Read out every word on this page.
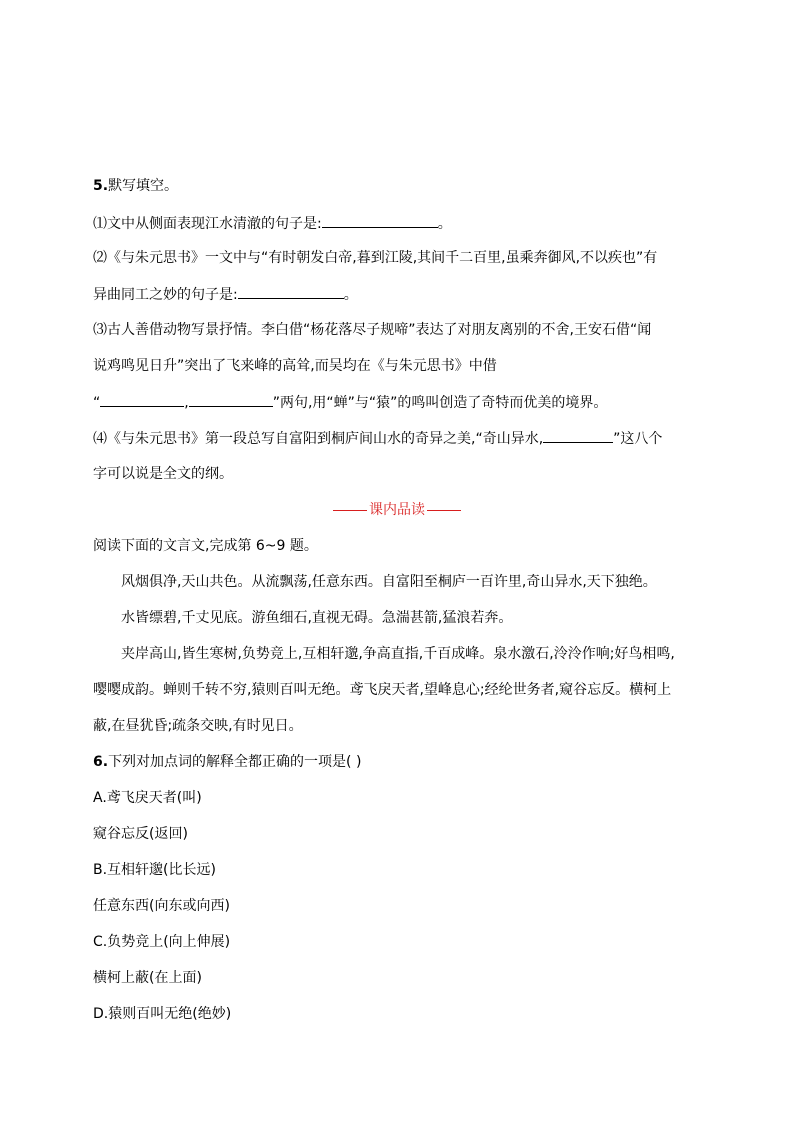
5.默写填空。
⑴文中从侧面表现江水清澈的句子是:	。
⑵《与朱元思书》一文中与“有时朝发白帝,暮到江陵,其间千二百里,虽乘奔御风,不以疾也”有
异曲同工之妙的句子是:	。
⑶古人善借动物写景抒情。李白借“杨花落尽子规啼”表达了对朋友离别的不舍,王安石借“闻
说鸡鸣见日升”突出了飞来峰的高耸,而吴均在《与朱元思书》中借
“	,	”两句,用“蝉”与“猿”的鸣叫创造了奇特而优美的境界。
⑷《与朱元思书》第一段总写自富阳到桐庐间山水的奇异之美,“奇山异水,	”这八个
字可以说是全文的纲。
课内品读
阅读下面的文言文,完成第 6~9 题。
风烟俱净,天山共色。从流飘荡,任意东西。自富阳至桐庐一百许里,奇山异水,天下独绝。
水皆缥碧,千丈见底。游鱼细石,直视无碍。急湍甚箭,猛浪若奔。
夹岸高山,皆生寒树,负势竞上,互相轩邈,争高直指,千百成峰。泉水激石,泠泠作响;好鸟相鸣,
嘤嘤成韵。蝉则千转不穷,猿则百叫无绝。鸢飞戾天者,望峰息心;经纶世务者,窥谷忘反。横柯上
蔽,在昼犹昏;疏条交映,有时见日。
6.下列对加点词的解释全都正确的一项是( )
A.鸢飞戾天者(叫)
窥谷忘反(返回)
B.互相轩邈(比长远)
任意东西(向东或向西)
C.负势竞上(向上伸展)
横柯上蔽(在上面)
D.猿则百叫无绝(绝妙)
